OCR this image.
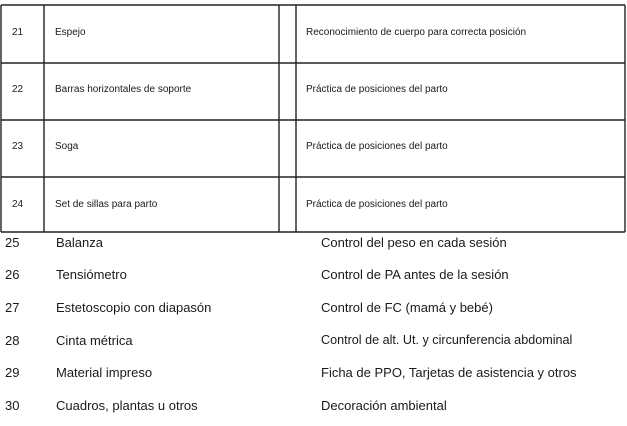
21	Espejo	Reconocimiento de cuerpo para correcta posición
22	Barras horizontales de soporte	Práctica de posiciones del parto
23	Soga	Práctica de posiciones del parto
24	Set de sillas para parto	Práctica de posiciones del parto
25	Balanza	Control del peso en cada sesión
26	Tensiómetro	Control de PA antes de la sesión
27	Estetoscopio con diapasón	Control de FC (mamá y bebé)
28	Cinta métrica	Control de alt. Ut. y circunferencia abdominal
29	Material impreso	Ficha de PPO, Tarjetas de asistencia y otros
30	Cuadros, plantas u otros	Decoración ambiental
